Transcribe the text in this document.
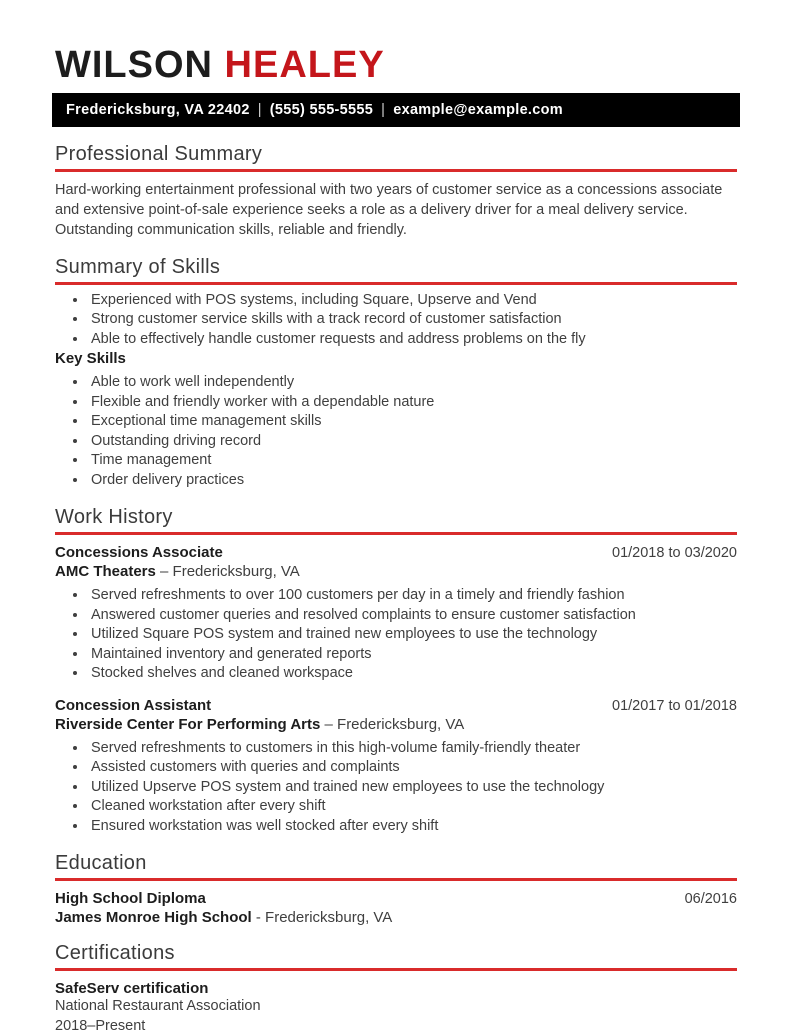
WILSON HEALEY
Fredericksburg, VA 22402 | (555) 555-5555 | example@example.com
Professional Summary

Hard-working entertainment professional with two years of customer service as a concessions associate and extensive point-of-sale experience seeks a role as a delivery driver for a meal delivery service. Outstanding communication skills, reliable and friendly.

Summary of Skills
• Experienced with POS systems, including Square, Upserve and Vend
• Strong customer service skills with a track record of customer satisfaction
• Able to effectively handle customer requests and address problems on the fly
Key Skills
• Able to work well independently
• Flexible and friendly worker with a dependable nature
• Exceptional time management skills
• Outstanding driving record
• Time management
• Order delivery practices
Work History
Concessions Associate	01/2018 to 03/2020
AMC Theaters – Fredericksburg, VA
• Served refreshments to over 100 customers per day in a timely and friendly fashion
• Answered customer queries and resolved complaints to ensure customer satisfaction
• Utilized Square POS system and trained new employees to use the technology
• Maintained inventory and generated reports
• Stocked shelves and cleaned workspace
Concession Assistant	01/2017 to 01/2018
Riverside Center For Performing Arts – Fredericksburg, VA
• Served refreshments to customers in this high-volume family-friendly theater
• Assisted customers with queries and complaints
• Utilized Upserve POS system and trained new employees to use the technology
• Cleaned workstation after every shift
• Ensured workstation was well stocked after every shift
Education
High School Diploma	06/2016
James Monroe High School - Fredericksburg, VA
Certifications
SafeServ certification
National Restaurant Association
2018–Present
